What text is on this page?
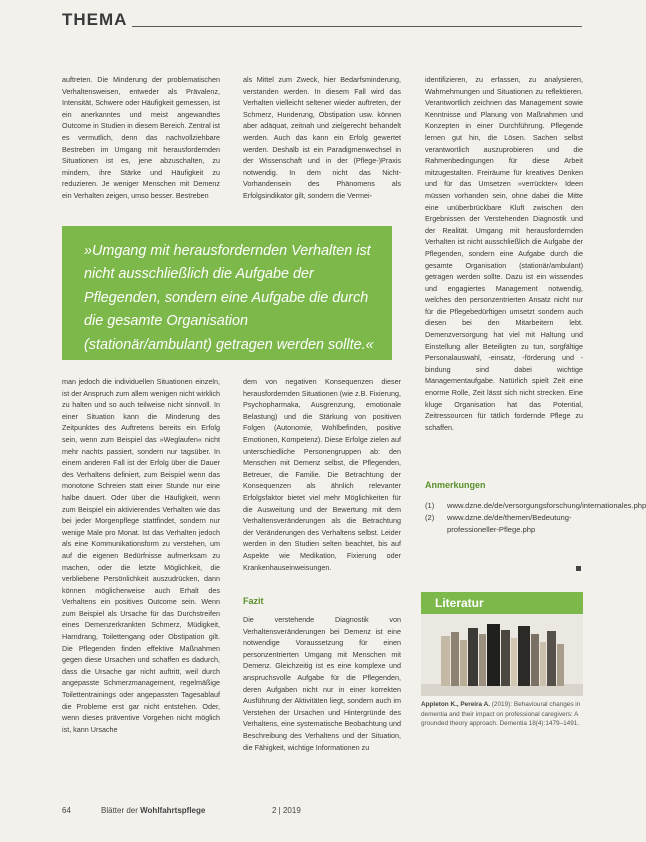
THEMA

auftreten. Die Minderung der problematischen Verhaltensweisen, entweder als Prävalenz, Intensität, Schwere oder Häufigkeit gemessen, ist ein anerkanntes und meist angewandtes Outcome in Studien in diesem Bereich. Zentral ist es vermutlich, denn das nachvollziehbare Bestreben im Umgang mit herausfordernden Situationen ist es, jene abzuschalten, zu mindern, ihre Stärke und Häufigkeit zu reduzieren. Je weniger Menschen mit Demenz ein Verhalten zeigen, umso besser. Bestreben

als Mittel zum Zweck, hier Bedarfsminderung, verstanden werden. In diesem Fall wird das Verhalten vielleicht seltener wieder auftreten, der Schmerz, Hunderung, Obstipation usw. können aber adäquat, zeitnah und zielgerecht behandelt werden. Auch das kann ein Erfolg gewertet werden. Deshalb ist ein Paradigmenwechsel in der Wissenschaft und in der (Pflege-)Praxis notwendig. In dem nicht das Nicht-Vorhandensein des Phänomens als Erfolgsindikator gilt, sondern die Vermei-

identifizieren, zu erfassen, zu analysieren, Wahrnehmungen und Situationen zu reflektieren. Verantwortlich zeichnen das Management sowie Kenntnisse und Planung von Maßnahmen und Konzepten in einer Durchführung. Pflegende lernen gut hin, die Lösen. Sachen selbst verantwortlich auszuprobieren und die Rahmenbedingungen für diese Arbeit mitzugestalten. Freiräume für kreatives Denken und für das Umsetzen »verrückter« Ideen müssen vorhanden sein, ohne dabei die Mitte eine unüberbrückbare Kluft zwischen den Ergebnissen der Verstehenden Diagnostik und der Realität. Umgang mit herausfordernden Verhalten ist nicht ausschließlich die Aufgabe der Pflegenden, sondern eine Aufgabe durch die gesamte Organisation (stationär/ambulant) getragen werden sollte. Dazu ist ein wissendes und engagiertes Management notwendig, welches den personzentrierten Ansatz nicht nur für die Pflegebedürftigen umsetzt sondern auch diesen bei den Mitarbeitern lebt. Demenzversorgung hat viel mit Haltung und Einstellung aller Beteiligten zu tun, sorgfältige Personalauswahl, -einsatz, -förderung und -bindung sind dabei wichtige Managementaufgabe. Natürlich spielt Zeit eine enorme Rolle, Zeit lässt sich nicht strecken. Eine kluge Organisation hat das Potential, Zeitressourcen für tätlich fordernde Pflege zu schaffen.

»Umgang mit herausfordernden Verhalten ist nicht ausschließlich die Aufgabe der Pflegenden, sondern eine Aufgabe die durch die gesamte Organisation (stationär/ambulant) getragen werden sollte.«

man jedoch die individuellen Situationen einzeln, ist der Anspruch zum allem wenigen nicht wirklich zu halten und so auch teilweise nicht sinnvoll. In einer Situation kann die Minderung des Zeitpunktes des Auftretens bereits ein Erfolg sein, wenn zum Beispiel das »Weglaufen« nicht mehr nachts passiert, sondern nur tagsüber. In einem anderen Fall ist der Erfolg über die Dauer des Verhaltens definiert, zum Beispiel wenn das monotone Schreien statt einer Stunde nur eine halbe dauert. Oder über die Häufigkeit, wenn zum Beispiel ein aktivierendes Verhalten wie das bei jeder Morgenpflege stattfindet, sondern nur wenige Male pro Monat. Ist das Verhalten jedoch als eine Kommunikationsform zu verstehen, um auf die eigenen Bedürfnisse aufmerksam zu machen, oder die letzte Möglichkeit, die verbliebene Persönlichkeit auszudrücken, dann können möglicherweise auch Erhalt des Verhaltens ein positives Outcome sein. Wenn zum Beispiel als Ursache für das Durchstreifen eines Demenzerkrankten Schmerz, Müdigkeit, Harndrang, Toilettengang oder Obstipation gilt. Die Pflegenden finden effektive Maßnahmen gegen diese Ursachen und schaffen es dadurch, dass die Ursache gar nicht auftritt, weil durch angepasste Schmerzmanagement, regelmäßige Toilettentrainings oder angepassten Tagesablauf die Probleme erst gar nicht entstehen. Oder, wenn dieses präventive Vorgehen nicht möglich ist, kann Ursache

dem von negativen Konsequenzen dieser herausfordernden Situationen (wie z.B. Fixierung, Psychopharmaka, Ausgrenzung, emotionale Belastung) und die Stärkung von positiven Folgen (Autonomie, Wohlbefinden, positive Emotionen, Kompetenz). Diese Erfolge zielen auf unterschiedliche Personengruppen ab: den Menschen mit Demenz selbst, die Pflegenden, Betreuer, die Familie. Die Betrachtung der Konsequenzen als ähnlich relevanter Erfolgsfaktor bietet viel mehr Möglichkeiten für die Ausweitung und der Bewertung mit dem Verhaltensveränderungen als die Betrachtung der Veränderungen des Verhaltens selbst. Leider werden in den Studien selten beachtet, bis auf Aspekte wie Medikation, Fixierung oder Krankenhauseinweisungen.

Fazit

Die verstehende Diagnostik von Verhaltensveränderungen bei Demenz ist eine notwendige Voraussetzung für einen personzentrierten Umgang mit Menschen mit Demenz. Gleichzeitig ist es eine komplexe und anspruchsvolle Aufgabe für die Pflegenden, deren Aufgaben nicht nur in einer korrekten Ausführung der Aktivitäten liegt, sondern auch im Verstehen der Ursachen und Hintergründe des Verhaltens, eine systematische Beobachtung und Beschreibung des Verhaltens und der Situation, die Fähigkeit, wichtige Informationen zu

Anmerkungen
(1) www.dzne.de/de/versorgungsforschung/internationales.php
(2) www.dzne.de/de/themen/Bedeutung-professioneller-Pflege.php
Literatur
Appleton K., Pereira A. (2019): Behavioural changes in dementia and their impact on professional caregivers: A grounded theory approach. Dementia 18(4):1479–1491.
64	Blätter der Wohlfahrtspflege	2 | 2019
